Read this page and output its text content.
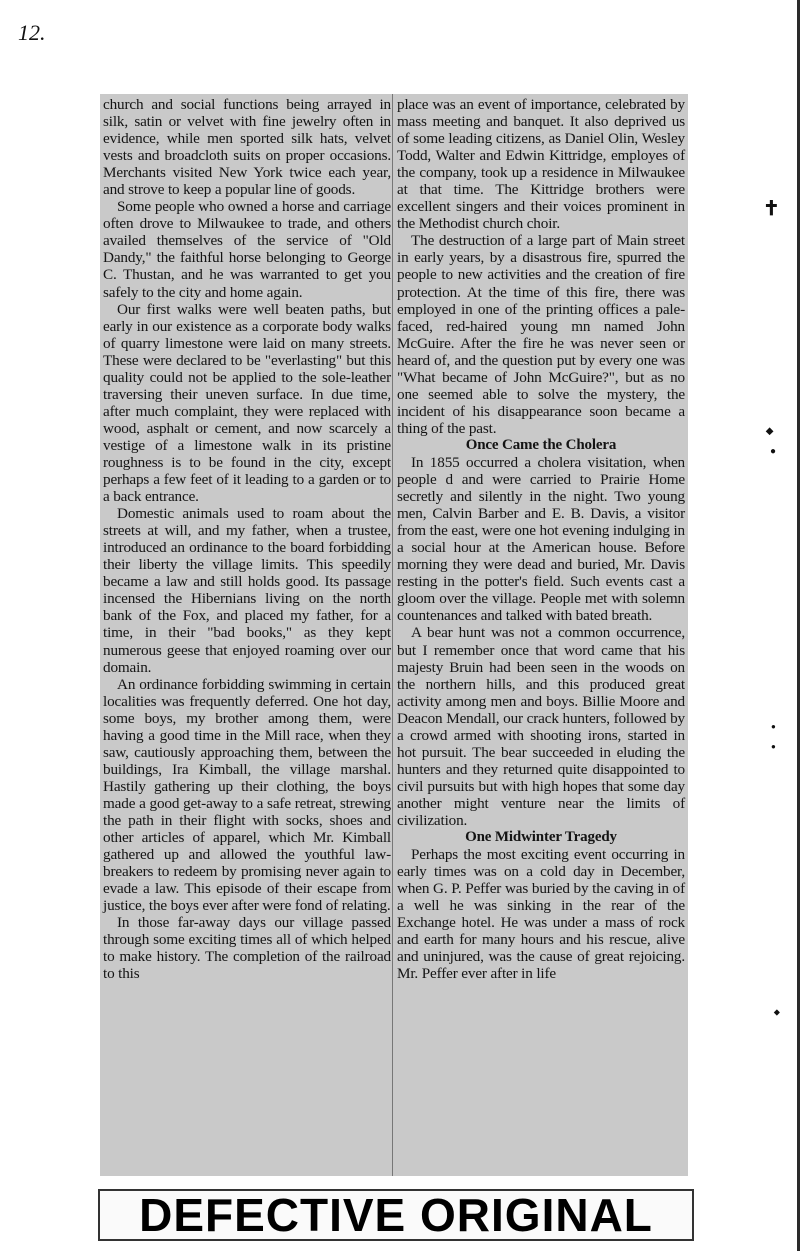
12.

church and social functions being arrayed in silk, satin or velvet with fine jewelry often in evidence, while men sported silk hats, velvet vests and broadcloth suits on proper occasions. Merchants visited New York twice each year, and strove to keep a popular line of goods.

Some people who owned a horse and carriage often drove to Milwaukee to trade, and others availed themselves of the service of "Old Dandy," the faithful horse belonging to George C. Thustan, and he was warranted to get you safely to the city and home again.

Our first walks were well beaten paths, but early in our existence as a corporate body walks of quarry limestone were laid on many streets. These were declared to be "everlasting" but this quality could not be applied to the sole-leather traversing their uneven surface. In due time, after much complaint, they were replaced with wood, asphalt or cement, and now scarcely a vestige of a limestone walk in its pristine roughness is to be found in the city, except perhaps a few feet of it leading to a garden or to a back entrance.

Domestic animals used to roam about the streets at will, and my father, when a trustee, introduced an ordinance to the board forbidding their liberty the village limits. This speedily became a law and still holds good. Its passage incensed the Hibernians living on the north bank of the Fox, and placed my father, for a time, in their "bad books," as they kept numerous geese that enjoyed roaming over our domain.

An ordinance forbidding swimming in certain localities was frequently deferred. One hot day, some boys, my brother among them, were having a good time in the Mill race, when they saw, cautiously approaching them, between the buildings, Ira Kimball, the village marshal. Hastily gathering up their clothing, the boys made a good get-away to a safe retreat, strewing the path in their flight with socks, shoes and other articles of apparel, which Mr. Kimball gathered up and allowed the youthful law-breakers to redeem by promising never again to evade a law. This episode of their escape from justice, the boys ever after were fond of relating.

In those far-away days our village passed through some exciting times all of which helped to make history. The completion of the railroad to this

place was an event of importance, celebrated by mass meeting and banquet. It also deprived us of some leading citizens, as Daniel Olin, Wesley Todd, Walter and Edwin Kittridge, employes of the company, took up a residence in Milwaukee at that time. The Kittridge brothers were excellent singers and their voices prominent in the Methodist church choir.

The destruction of a large part of Main street in early years, by a disastrous fire, spurred the people to new activities and the creation of fire protection. At the time of this fire, there was employed in one of the printing offices a pale-faced, red-haired young mn named John McGuire. After the fire he was never seen or heard of, and the question put by every one was "What became of John McGuire?", but as no one seemed able to solve the mystery, the incident of his disappearance soon became a thing of the past.

Once Came the Cholera

In 1855 occurred a cholera visitation, when people d and were carried to Prairie Home secretly and silently in the night. Two young men, Calvin Barber and E. B. Davis, a visitor from the east, were one hot evening indulging in a social hour at the American house. Before morning they were dead and buried, Mr. Davis resting in the potter's field. Such events cast a gloom over the village. People met with solemn countenances and talked with bated breath.

A bear hunt was not a common occurrence, but I remember once that word came that his majesty Bruin had been seen in the woods on the northern hills, and this produced great activity among men and boys. Billie Moore and Deacon Mendall, our crack hunters, followed by a crowd armed with shooting irons, started in hot pursuit. The bear succeeded in eluding the hunters and they returned quite disappointed to civil pursuits but with high hopes that some day another might venture near the limits of civilization.

One Midwinter Tragedy

Perhaps the most exciting event occurring in early times was on a cold day in December, when G. P. Peffer was buried by the caving in of a well he was sinking in the rear of the Exchange hotel. He was under a mass of rock and earth for many hours and his rescue, alive and uninjured, was the cause of great rejoicing. Mr. Peffer ever after in life

✝
⬩
●
●
●
⬩
DEFECTIVE ORIGINAL
